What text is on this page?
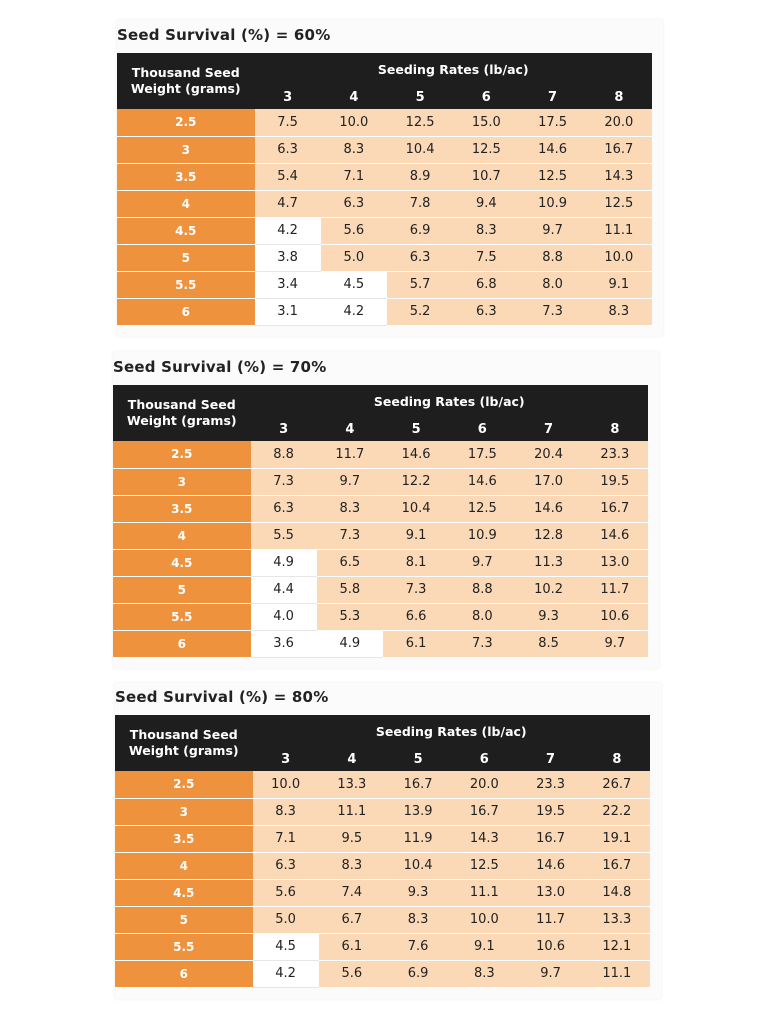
Seed Survival (%) = 60%
Thousand Seed
Weight (grams)	Seeding Rates (lb/ac)					
	3	4	5	6	7	8
2.5	7.5	10.0	12.5	15.0	17.5	20.0
3	6.3	8.3	10.4	12.5	14.6	16.7
3.5	5.4	7.1	8.9	10.7	12.5	14.3
4	4.7	6.3	7.8	9.4	10.9	12.5
4.5	4.2	5.6	6.9	8.3	9.7	11.1
5	3.8	5.0	6.3	7.5	8.8	10.0
5.5	3.4	4.5	5.7	6.8	8.0	9.1
6	3.1	4.2	5.2	6.3	7.3	8.3
Seed Survival (%) = 70%
Thousand Seed
Weight (grams)	Seeding Rates (lb/ac)					
	3	4	5	6	7	8
2.5	8.8	11.7	14.6	17.5	20.4	23.3
3	7.3	9.7	12.2	14.6	17.0	19.5
3.5	6.3	8.3	10.4	12.5	14.6	16.7
4	5.5	7.3	9.1	10.9	12.8	14.6
4.5	4.9	6.5	8.1	9.7	11.3	13.0
5	4.4	5.8	7.3	8.8	10.2	11.7
5.5	4.0	5.3	6.6	8.0	9.3	10.6
6	3.6	4.9	6.1	7.3	8.5	9.7
Seed Survival (%) = 80%
Thousand Seed
Weight (grams)	Seeding Rates (lb/ac)					
	3	4	5	6	7	8
2.5	10.0	13.3	16.7	20.0	23.3	26.7
3	8.3	11.1	13.9	16.7	19.5	22.2
3.5	7.1	9.5	11.9	14.3	16.7	19.1
4	6.3	8.3	10.4	12.5	14.6	16.7
4.5	5.6	7.4	9.3	11.1	13.0	14.8
5	5.0	6.7	8.3	10.0	11.7	13.3
5.5	4.5	6.1	7.6	9.1	10.6	12.1
6	4.2	5.6	6.9	8.3	9.7	11.1
